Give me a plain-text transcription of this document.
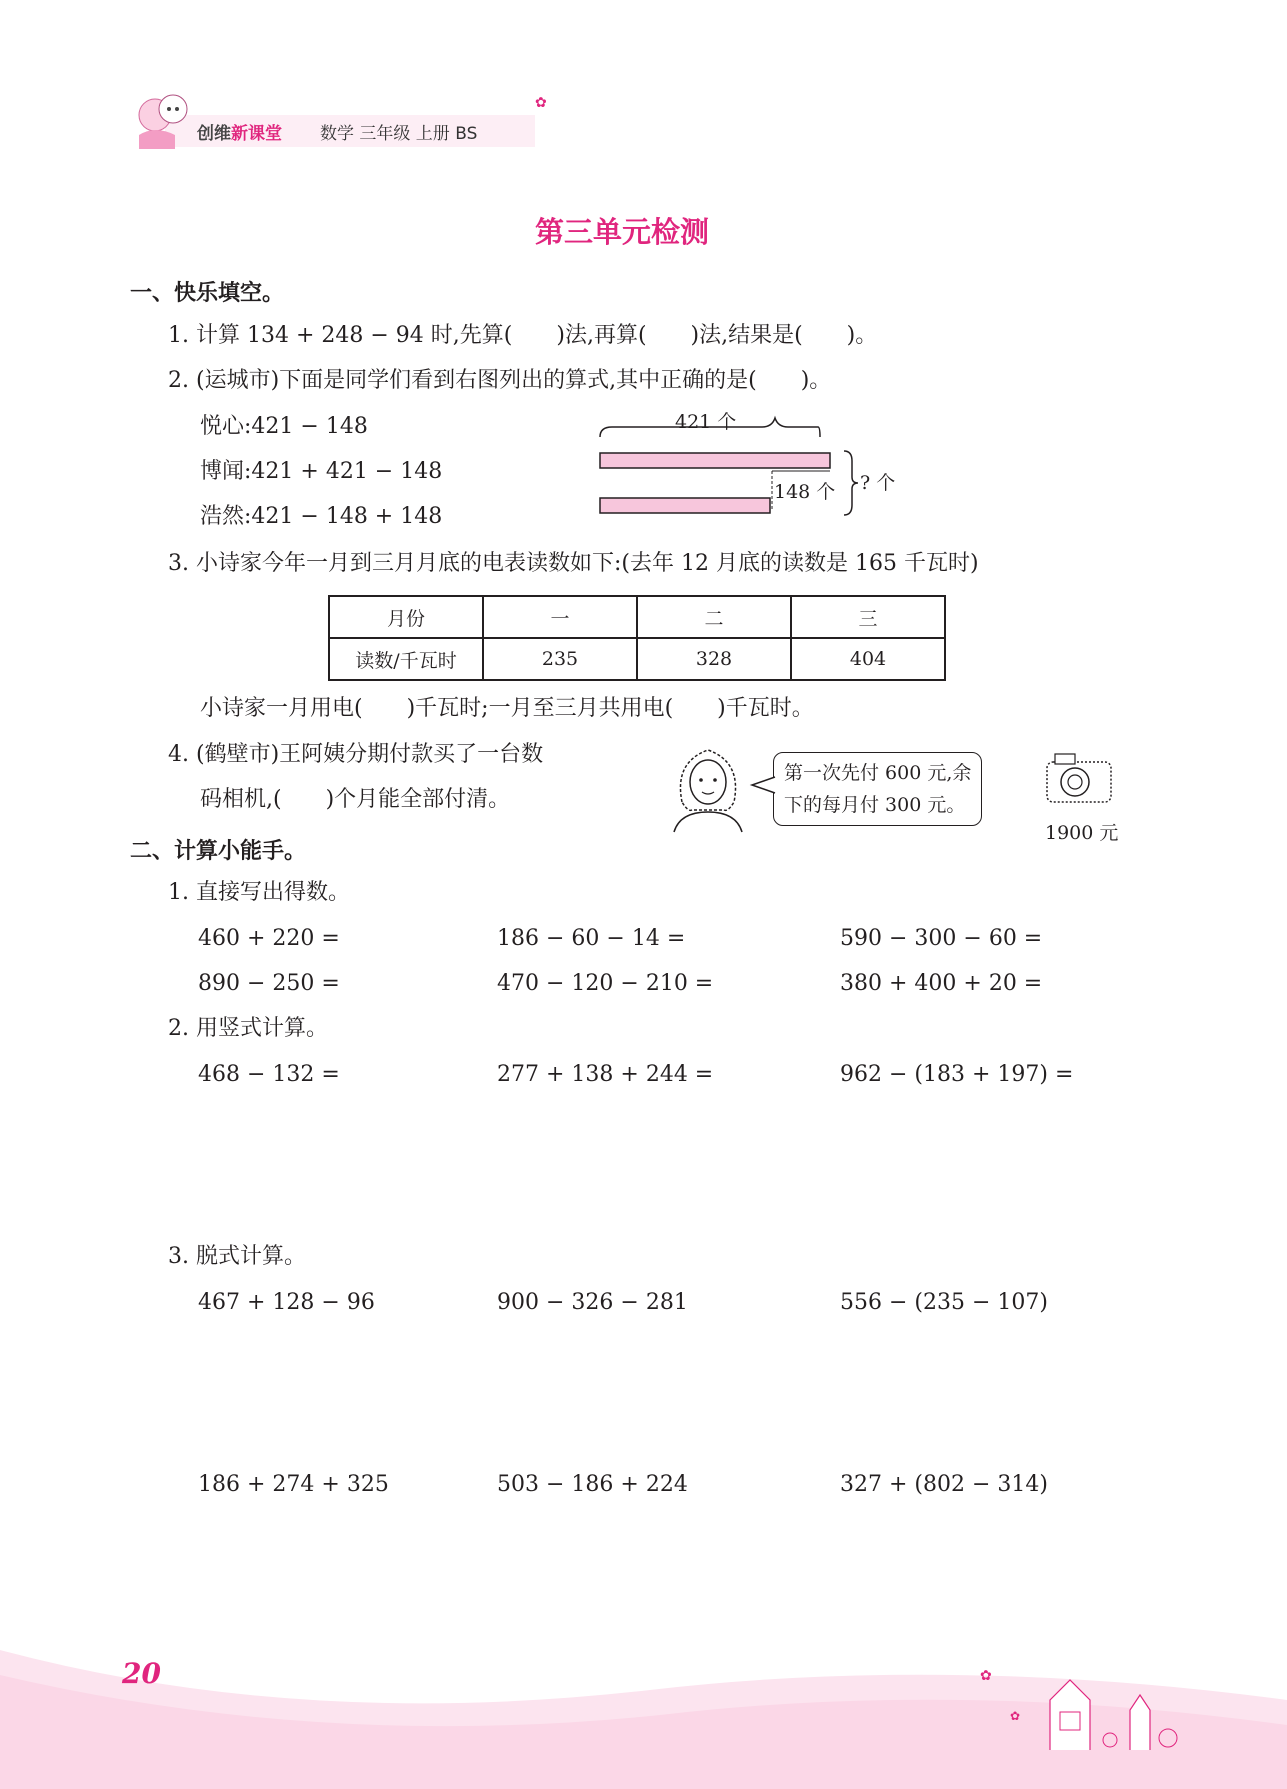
✿
创维新课堂 数学 三年级 上册 BS
第三单元检测
一、快乐填空。
1. 计算 134 + 248 − 94 时,先算(　　)法,再算(　　)法,结果是(　　)。
2. (运城市)下面是同学们看到右图列出的算式,其中正确的是(　　)。
悦心:421 − 148
博闻:421 + 421 − 148
浩然:421 − 148 + 148
421 个
148 个 ? 个
3. 小诗家今年一月到三月月底的电表读数如下:(去年 12 月底的读数是 165 千瓦时)
月份	一	二	三
读数/千瓦时	235	328	404
小诗家一月用电(　　)千瓦时;一月至三月共用电(　　)千瓦时。
4. (鹤壁市)王阿姨分期付款买了一台数
码相机,(　　)个月能全部付清。
第一次先付 600 元,余
下的每月付 300 元。
1900 元
二、计算小能手。
1. 直接写出得数。
460 + 220 =	186 − 60 − 14 =	590 − 300 − 60 =
890 − 250 =	470 − 120 − 210 =	380 + 400 + 20 =
2. 用竖式计算。
468 − 132 =	277 + 138 + 244 =	962 − (183 + 197) =
3. 脱式计算。
467 + 128 − 96	900 − 326 − 281	556 − (235 − 107)
186 + 274 + 325	503 − 186 + 224	327 + (802 − 314)
✿
✿
20
